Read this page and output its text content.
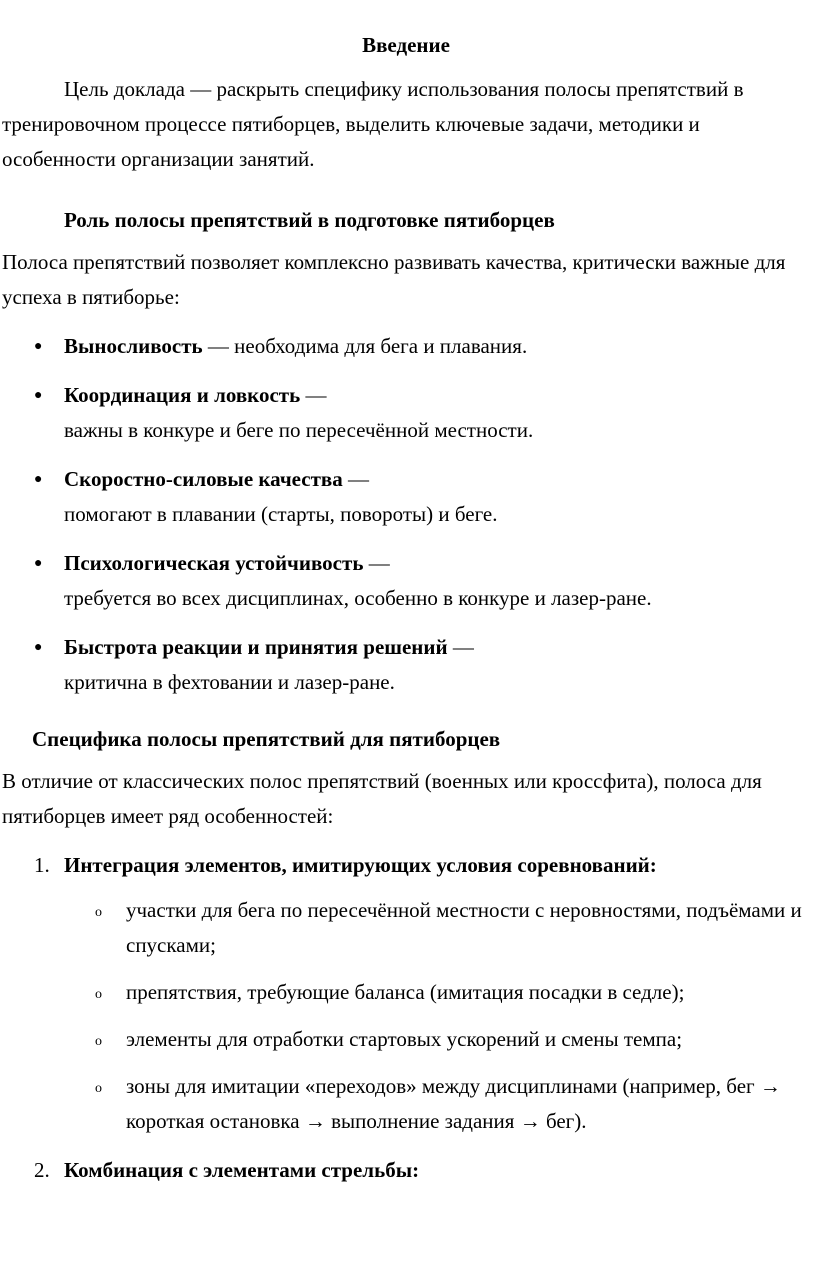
Введение

Цель доклада — раскрыть специфику использования полосы препятствий в тренировочном процессе пятиборцев, выделить ключевые задачи, методики и особенности организации занятий.

Роль полосы препятствий в подготовке пятиборцев

Полоса препятствий позволяет комплексно развивать качества, критически важные для успеха в пятиборье:

● Выносливость — необходима для бега и плавания.
● Координация и ловкость —
важны в конкуре и беге по пересечённой местности.
● Скоростно-силовые качества —
помогают в плавании (старты, повороты) и беге.
● Психологическая устойчивость —
требуется во всех дисциплинах, особенно в конкуре и лазер-ране.
● Быстрота реакции и принятия решений —
критична в фехтовании и лазер-ране.
Специфика полосы препятствий для пятиборцев

В отличие от классических полос препятствий (военных или кроссфита), полоса для пятиборцев имеет ряд особенностей:

1. Интеграция элементов, имитирующих условия соревнований:
o участки для бега по пересечённой местности с неровностями, подъёмами и спусками;
o препятствия, требующие баланса (имитация посадки в седле);
o элементы для отработки стартовых ускорений и смены темпа;
o зоны для имитации «переходов» между дисциплинами (например, бег → короткая остановка → выполнение задания → бег).
2. Комбинация с элементами стрельбы:
